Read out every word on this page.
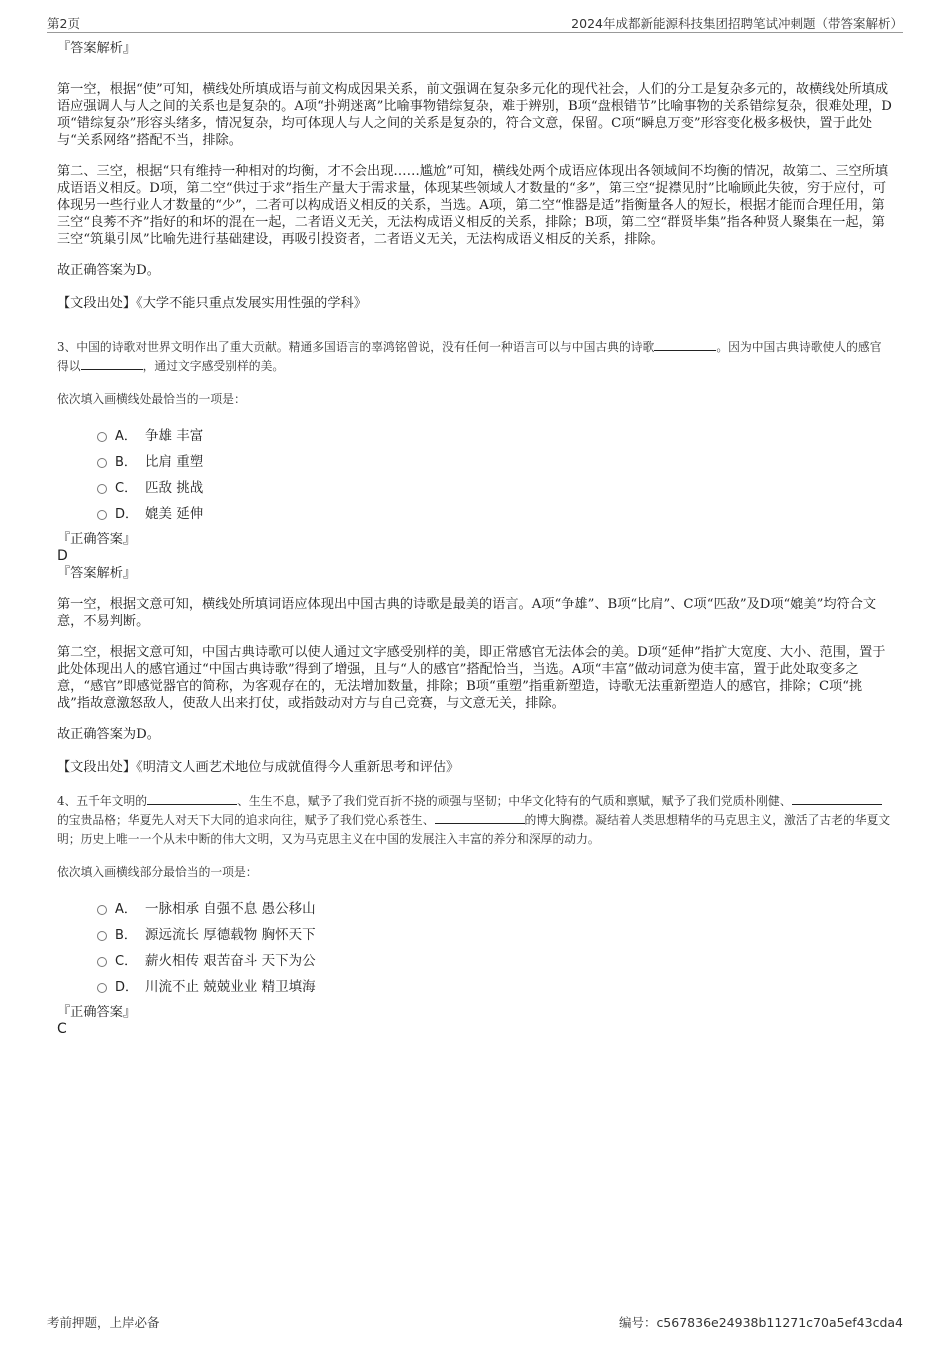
第2页	2024年成都新能源科技集团招聘笔试冲刺题（带答案解析）

『答案解析』

第一空，根据“使”可知，横线处所填成语与前文构成因果关系，前文强调在复杂多元化的现代社会，人们的分工是复杂多元的，故横线处所填成语应强调人与人之间的关系也是复杂的。A项“扑朔迷离”比喻事物错综复杂，难于辨别，B项“盘根错节”比喻事物的关系错综复杂，很难处理，D项“错综复杂”形容头绪多，情况复杂，均可体现人与人之间的关系是复杂的，符合文意，保留。C项“瞬息万变”形容变化极多极快，置于此处与“关系网络”搭配不当，排除。

第二、三空，根据“只有维持一种相对的均衡，才不会出现……尴尬”可知，横线处两个成语应体现出各领域间不均衡的情况，故第二、三空所填成语语义相反。D项，第二空“供过于求”指生产量大于需求量，体现某些领域人才数量的“多”，第三空“捉襟见肘”比喻顾此失彼，穷于应付，可体现另一些行业人才数量的“少”，二者可以构成语义相反的关系，当选。A项，第二空“惟器是适”指衡量各人的短长，根据才能而合理任用，第三空“良莠不齐”指好的和坏的混在一起，二者语义无关，无法构成语义相反的关系，排除；B项，第二空“群贤毕集”指各种贤人聚集在一起，第三空“筑巢引凤”比喻先进行基础建设，再吸引投资者，二者语义无关，无法构成语义相反的关系，排除。

故正确答案为D。

【文段出处】《大学不能只重点发展实用性强的学科》

3、中国的诗歌对世界文明作出了重大贡献。精通多国语言的辜鸿铭曾说，没有任何一种语言可以与中国古典的诗歌	。因为中国古典诗歌使人的感官得以	，通过文字感受别样的美。

依次填入画横线处最恰当的一项是：

A． 争雄 丰富
B． 比肩 重塑
C． 匹敌 挑战
D． 媲美 延伸

『正确答案』

D

『答案解析』

第一空，根据文意可知，横线处所填词语应体现出中国古典的诗歌是最美的语言。A项“争雄”、B项“比肩”、C项“匹敌”及D项“媲美”均符合文意，不易判断。

第二空，根据文意可知，中国古典诗歌可以使人通过文字感受别样的美，即正常感官无法体会的美。D项“延伸”指扩大宽度、大小、范围，置于此处体现出人的感官通过“中国古典诗歌”得到了增强，且与“人的感官”搭配恰当，当选。A项“丰富”做动词意为使丰富，置于此处取变多之意，“感官”即感觉器官的简称，为客观存在的，无法增加数量，排除；B项“重塑”指重新塑造，诗歌无法重新塑造人的感官，排除；C项“挑战”指故意激怒敌人，使敌人出来打仗，或指鼓动对方与自己竞赛，与文意无关，排除。

故正确答案为D。

【文段出处】《明清文人画艺术地位与成就值得今人重新思考和评估》

4、五千年文明的	、生生不息，赋予了我们党百折不挠的顽强与坚韧；中华文化特有的气质和禀赋，赋予了我们党质朴刚健、的宝贵品格；华夏先人对天下大同的追求向往，赋予了我们党心系苍生、	的博大胸襟。凝结着人类思想精华的马克思主义，激活了古老的华夏文明；历史上唯一一个从未中断的伟大文明，又为马克思主义在中国的发展注入丰富的养分和深厚的动力。

依次填入画横线部分最恰当的一项是：

A． 一脉相承 自强不息 愚公移山
B． 源远流长 厚德载物 胸怀天下
C． 薪火相传 艰苦奋斗 天下为公
D． 川流不止 兢兢业业 精卫填海

『正确答案』

C

考前押题，上岸必备	编号：c567836e24938b11271c70a5ef43cda4
